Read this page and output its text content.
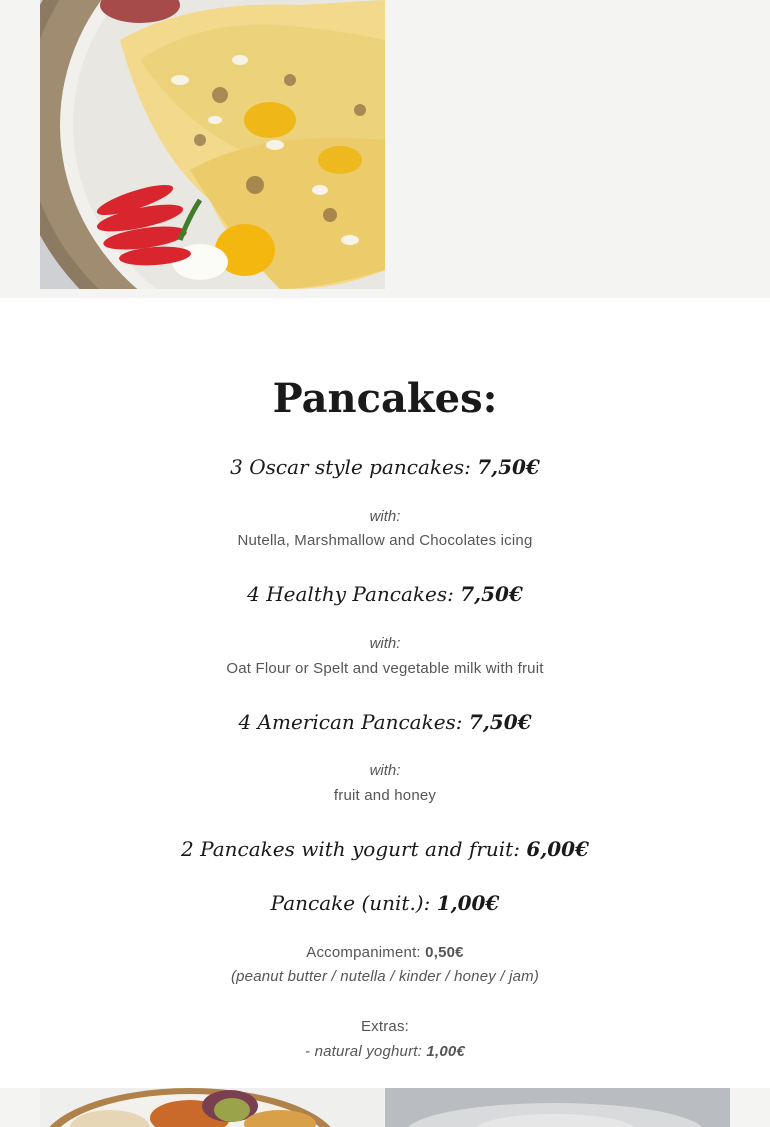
Pancakes:

3 Oscar style pancakes: 7,50€

with:

Nutella, Marshmallow and Chocolates icing

4 Healthy Pancakes: 7,50€

with:

Oat Flour or Spelt and vegetable milk with fruit

4 American Pancakes: 7,50€

with:

fruit and honey

2 Pancakes with yogurt and fruit: 6,00€

Pancake (unit.): 1,00€

Accompaniment: 0,50€

(peanut butter / nutella / kinder / honey / jam)

Extras:

- natural yoghurt: 1,00€
